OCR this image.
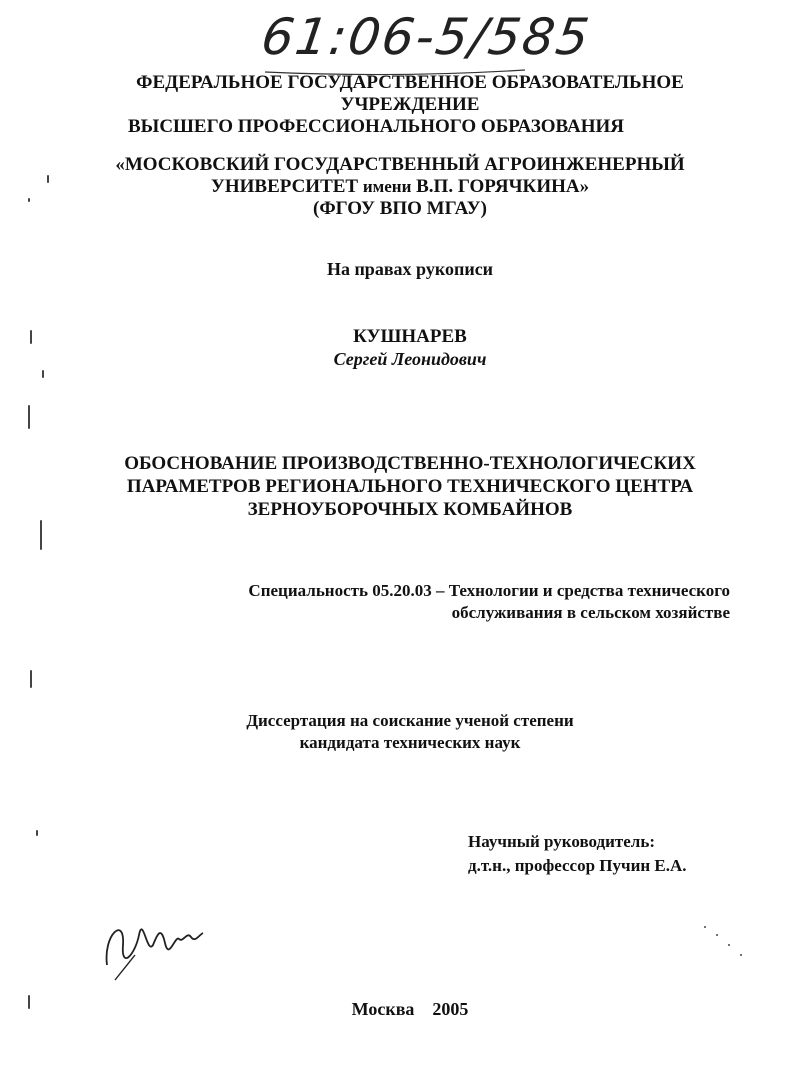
61:06-5/585
ФЕДЕРАЛЬНОЕ ГОСУДАРСТВЕННОЕ ОБРАЗОВАТЕЛЬНОЕ
УЧРЕЖДЕНИЕ
ВЫСШЕГО ПРОФЕССИОНАЛЬНОГО ОБРАЗОВАНИЯ
«МОСКОВСКИЙ ГОСУДАРСТВЕННЫЙ АГРОИНЖЕНЕРНЫЙ
УНИВЕРСИТЕТ имени В.П. ГОРЯЧКИНА»
(ФГОУ ВПО МГАУ)
На правах рукописи
КУШНАРЕВ
Сергей Леонидович
ОБОСНОВАНИЕ ПРОИЗВОДСТВЕННО-ТЕХНОЛОГИЧЕСКИХ
ПАРАМЕТРОВ РЕГИОНАЛЬНОГО ТЕХНИЧЕСКОГО ЦЕНТРА
ЗЕРНОУБОРОЧНЫХ КОМБАЙНОВ
Специальность 05.20.03 – Технологии и средства технического
обслуживания в сельском хозяйстве
Диссертация на соискание ученой степени
кандидата технических наук
Научный руководитель:
д.т.н., профессор Пучин Е.А.
Москва 2005
